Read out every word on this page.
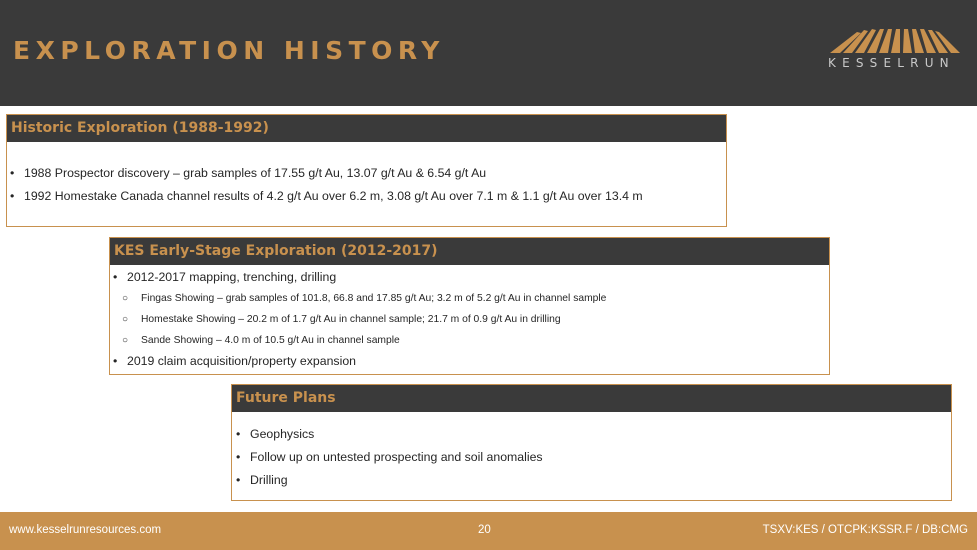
EXPLORATION HISTORY	KESSELRUN
Historic Exploration (1988-1992)
• 1988 Prospector discovery – grab samples of 17.55 g/t Au, 13.07 g/t Au & 6.54 g/t Au
• 1992 Homestake Canada channel results of 4.2 g/t Au over 6.2 m, 3.08 g/t Au over 7.1 m & 1.1 g/t Au over 13.4 m
KES Early-Stage Exploration (2012-2017)
• 2012-2017 mapping, trenching, drilling
○ Fingas Showing – grab samples of 101.8, 66.8 and 17.85 g/t Au; 3.2 m of 5.2 g/t Au in channel sample
○ Homestake Showing – 20.2 m of 1.7 g/t Au in channel sample; 21.7 m of 0.9 g/t Au in drilling
○ Sande Showing – 4.0 m of 10.5 g/t Au in channel sample
• 2019 claim acquisition/property expansion
Future Plans
• Geophysics
• Follow up on untested prospecting and soil anomalies
• Drilling
www.kesselrunresources.com	20	TSXV:KES / OTCPK:KSSR.F / DB:CMG
